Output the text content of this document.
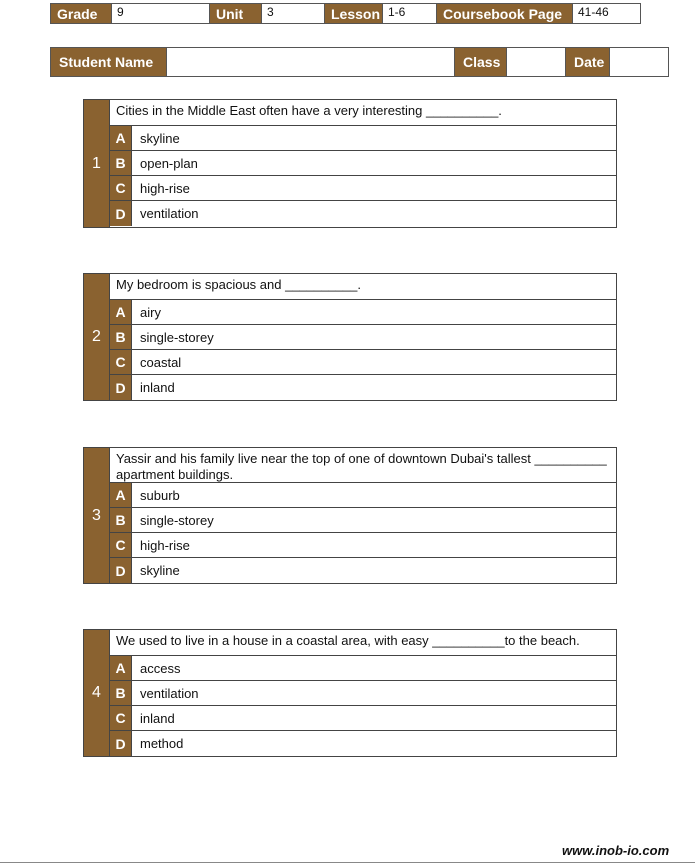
Grade	9	Unit	3	Lesson 1-6	Coursebook Page	41-46
Student Name	Class	Date
1
Cities in the Middle East often have a very interesting __________.
A	skyline
B	open-plan
C	high-rise
D	ventilation
2
My bedroom is spacious and __________.
A	airy
B	single-storey
C	coastal
D	inland
3
Yassir and his family live near the top of one of downtown Dubai's tallest __________ apartment buildings.
A	suburb
B	single-storey
C	high-rise
D	skyline
4
We used to live in a house in a coastal area, with easy __________to the beach.
A	access
B	ventilation
C	inland
D	method
www.inob-io.com
